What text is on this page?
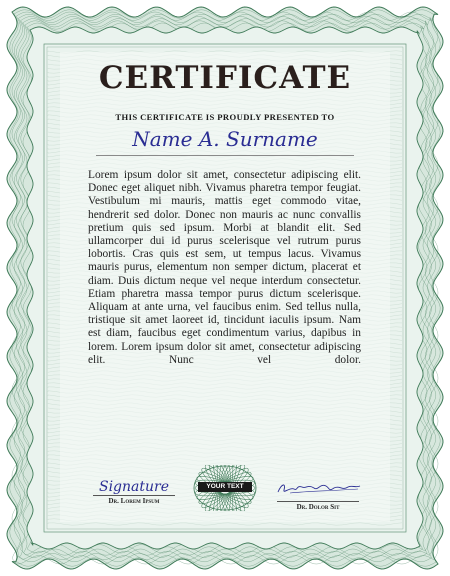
CERTIFICATE
THIS CERTIFICATE IS PROUDLY PRESENTED TO
Name A. Surname

Lorem ipsum dolor sit amet, consectetur adipiscing elit. Donec eget aliquet nibh. Vivamus pharetra tempor feugiat. Vestibulum mi mauris, mattis eget commodo vitae, hendrerit sed dolor. Donec non mauris ac nunc convallis pretium quis sed ipsum. Morbi at blandit elit. Sed ullamcorper dui id purus scelerisque vel rutrum purus lobortis. Cras quis est sem, ut tempus lacus. Vivamus mauris purus, elementum non semper dictum, placerat et diam. Duis dictum neque vel neque interdum consectetur. Etiam pharetra massa tempor purus dictum scelerisque. Aliquam at ante urna, vel faucibus enim. Sed tellus nulla, tristique sit amet laoreet id, tincidunt iaculis ipsum. Nam est diam, faucibus eget condimentum varius, dapibus in lorem. Lorem ipsum dolor sit amet, consectetur adipiscing elit. Nunc vel dolor.

Signature
Dr. Lorem Ipsum
YOUR TEXT
Dr. Dolor Sit
